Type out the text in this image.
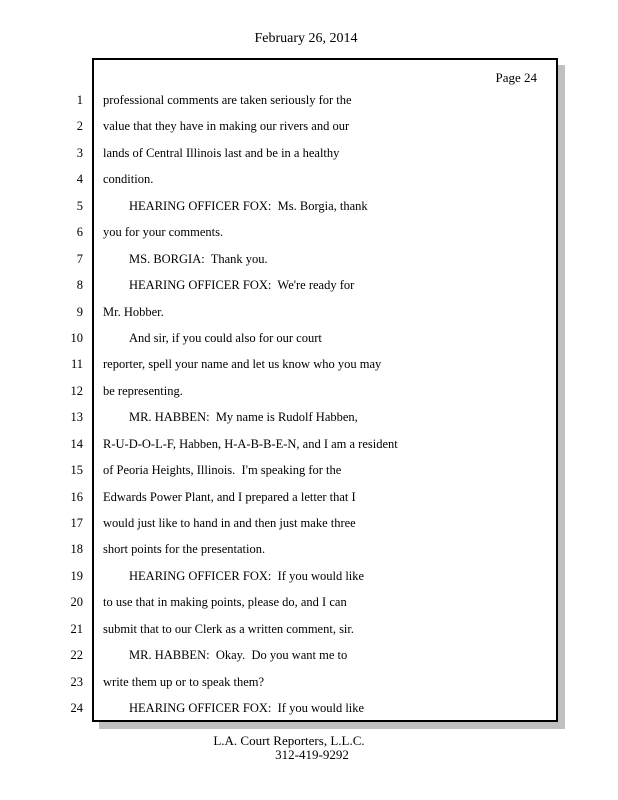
February 26, 2014
Page 24
1 professional comments are taken seriously for the
2 value that they have in making our rivers and our
3 lands of Central Illinois last and be in a healthy
4 condition.
5	HEARING OFFICER FOX:  Ms. Borgia, thank
6 you for your comments.
7	MS. BORGIA:  Thank you.
8	HEARING OFFICER FOX:  We're ready for
9 Mr. Hobber.
10	And sir, if you could also for our court
11 reporter, spell your name and let us know who you may
12 be representing.
13	MR. HABBEN:  My name is Rudolf Habben,
14 R-U-D-O-L-F, Habben, H-A-B-B-E-N, and I am a resident
15 of Peoria Heights, Illinois.  I'm speaking for the
16 Edwards Power Plant, and I prepared a letter that I
17 would just like to hand in and then just make three
18 short points for the presentation.
19	HEARING OFFICER FOX:  If you would like
20 to use that in making points, please do, and I can
21 submit that to our Clerk as a written comment, sir.
22	MR. HABBEN:  Okay.  Do you want me to
23 write them up or to speak them?
24	HEARING OFFICER FOX:  If you would like
L.A. Court Reporters, L.L.C.
312-419-9292
